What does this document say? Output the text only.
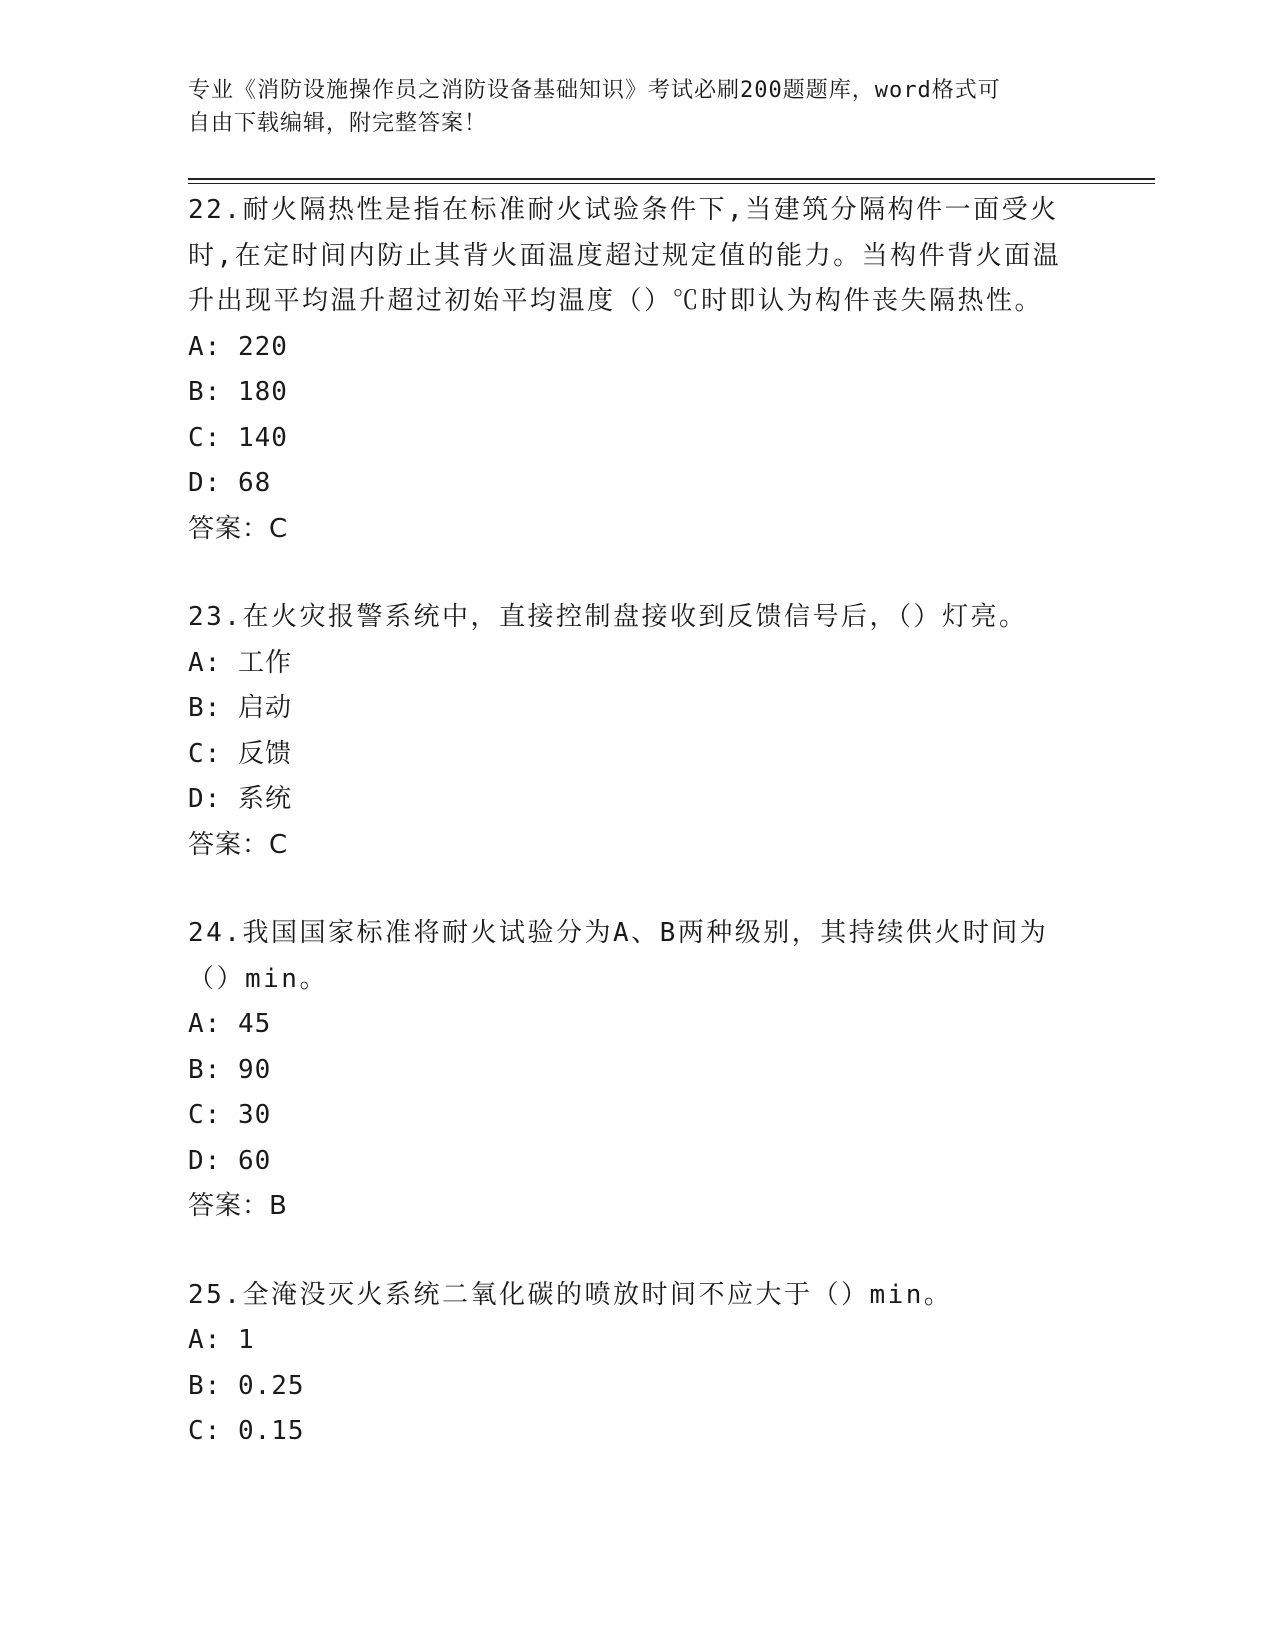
专业《消防设施操作员之消防设备基础知识》考试必刷200题题库，word格式可
自由下载编辑，附完整答案！

22.耐火隔热性是指在标准耐火试验条件下,当建筑分隔构件一面受火时,在定时间内防止其背火面温度超过规定值的能力。当构件背火面温升出现平均温升超过初始平均温度（）℃时即认为构件丧失隔热性。

A: 220

B: 180

C: 140

D: 68

答案：C

23.在火灾报警系统中，直接控制盘接收到反馈信号后，（）灯亮。

A: 工作

B: 启动

C: 反馈

D: 系统

答案：C

24.我国国家标准将耐火试验分为A、B两种级别，其持续供火时间为（）min。

A: 45

B: 90

C: 30

D: 60

答案：B

25.全淹没灭火系统二氧化碳的喷放时间不应大于（）min。

A: 1

B: 0.25

C: 0.15
